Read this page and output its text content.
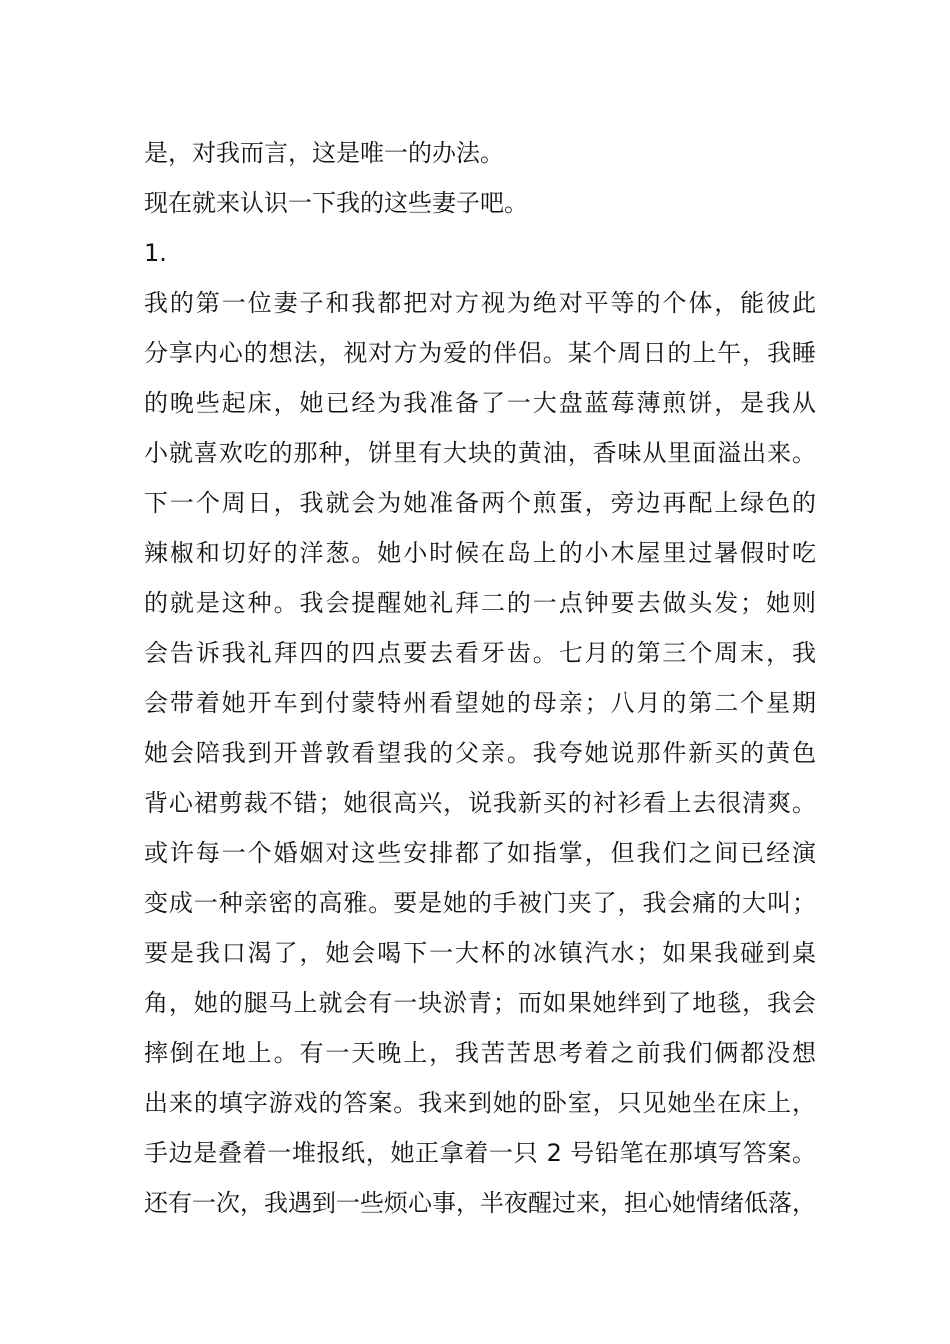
是，对我而言，这是唯一的办法。
现在就来认识一下我的这些妻子吧。
1.
我的第一位妻子和我都把对方视为绝对平等的个体，能彼此
分享内心的想法，视对方为爱的伴侣。某个周日的上午，我睡
的晚些起床，她已经为我准备了一大盘蓝莓薄煎饼，是我从
小就喜欢吃的那种，饼里有大块的黄油，香味从里面溢出来。
下一个周日，我就会为她准备两个煎蛋，旁边再配上绿色的
辣椒和切好的洋葱。她小时候在岛上的小木屋里过暑假时吃
的就是这种。我会提醒她礼拜二的一点钟要去做头发；她则
会告诉我礼拜四的四点要去看牙齿。七月的第三个周末，我
会带着她开车到付蒙特州看望她的母亲；八月的第二个星期
她会陪我到开普敦看望我的父亲。我夸她说那件新买的黄色
背心裙剪裁不错；她很高兴，说我新买的衬衫看上去很清爽。
或许每一个婚姻对这些安排都了如指掌，但我们之间已经演
变成一种亲密的高雅。要是她的手被门夹了，我会痛的大叫；
要是我口渴了，她会喝下一大杯的冰镇汽水；如果我碰到桌
角，她的腿马上就会有一块淤青；而如果她绊到了地毯，我会
摔倒在地上。有一天晚上，我苦苦思考着之前我们俩都没想
出来的填字游戏的答案。我来到她的卧室，只见她坐在床上，
手边是叠着一堆报纸，她正拿着一只 2 号铅笔在那填写答案。
还有一次，我遇到一些烦心事，半夜醒过来，担心她情绪低落，
